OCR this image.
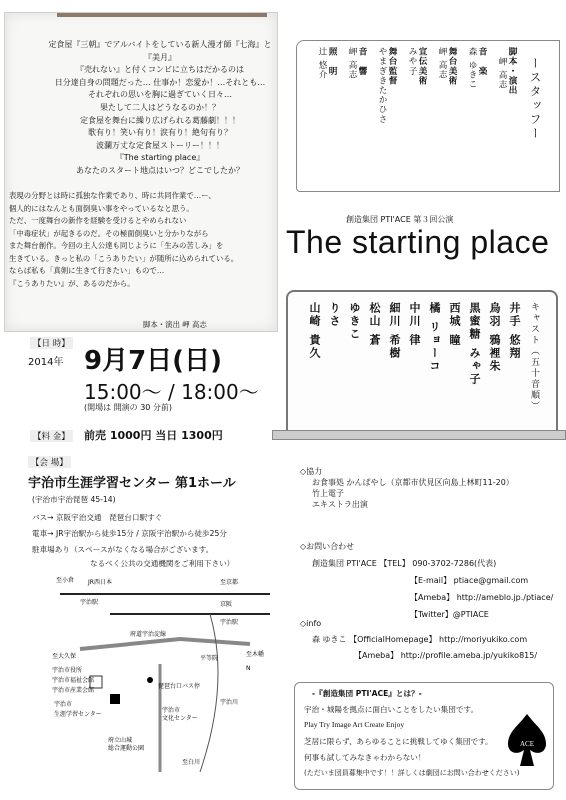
定食屋『三朝』でアルバイトをしている新人漫才師『七海』と『美月』
『売れない』と付くコンビに立ちはだかるのは
日分達自身の問題だった… 仕事か！恋愛か！…それとも…
それぞれの思いを胸に過ぎていく日々…
果たして二人はどうなるのか！？
定食屋を舞台に繰り広げられる葛藤劇！！！
歌有り！笑い有り！涙有り！絶句有り？
波瀾万丈な定食屋ストーリー！！！
『The starting place』
あなたのスタート地点はいつ？どこでしたか？
表現の分野とは時に孤独な作業であり、時に共同作業で…ー、
個人的にはなんとも面倒臭い事をやっているなと思う。
ただ、一度舞台の新作を経験を受けるとやめられない
「中毒症状」が起きるのだ。その極面倒臭いと分かりながら
また舞台創作。今回の主人公達も同じように「生みの苦しみ」を
生きている。きっと私の「こうありたい」が随所に込められている。
ならば私も「真剣に生きて行きたい」もので…
『こうありたい』が、あるのだから。
脚本・演出 岬 高志
ースタッフー
脚本・演出
岬 高志
音　楽
森 ゆきこ
舞台美術
岬 高志
宣伝美術
みや子
舞台監督
やまぎきたかひさ
音　響
岬 高志
照　明
辻 悠介
創造集団 PTI'ACE 第３回公演
The starting place
キャスト（五十音順）
井手 悠翔
烏羽 鴉裡朱
黒蜜糖 みゃ子
西城 瞳
橘 リョーコ
中川 律
細川 希樹
松山 蒼
ゆきこ
りさ
山崎 貴久
【日 時】
2014年 9月7日(日)
15:00〜 / 18:00〜
(開場は 開演の 30 分前)
【料 金】 前売 1000円 当日 1300円
【会 場】
宇治市生涯学習センター 第1ホール
(宇治市宇治琵琶 45-14)
バス→ 京阪宇治交通　琵琶台口駅すぐ
電車→ JR宇治駅から徒歩15分 / 京阪宇治駅から徒歩25分
駐車場あり（スペースがなくなる場合がございます。
なるべく公共の交通機関をご利用下さい）
至小倉 JR西日本
宇治駅
至京都
京阪
宇治駅
府道宇治淀線
至大久保	平等院
至木幡
宇治市役所
宇治市福祉会館
宇治市産業会館
宇治市
生涯学習センター
琵琶台口バス停
宇治市
文化センター
府立山城
総合運動公園
至白川
宇治川
N
◇協力
お食事処 かんぱやし（京都市伏見区向島上林町11-20）
竹上電子
エキストラ出演
◇お問い合わせ
創造集団 PTI'ACE 【TEL】 090-3702-7286(代表)
【E-mail】 ptiace@gmail.com
【Ameba】 http://ameblo.jp./ptiace/
【Twitter】@PTIACE
◇info
森 ゆきこ 【OfficialHomepage】 http://moriyukiko.com
【Ameba】 http://profile.ameba.jp/yukiko815/
-『創造集団 PTI'ACE』とは？-
宇治・城陽を拠点に面白いことをしたい集団です。
Play Try Image Art Create Enjoy
芝居に限らず、あらゆることに挑戦してゆく集団です。
何事も試してみなきゃわからない！
(ただいま団員募集中です！！詳しくは劇団にお問い合わせください)
PT I
ACE
